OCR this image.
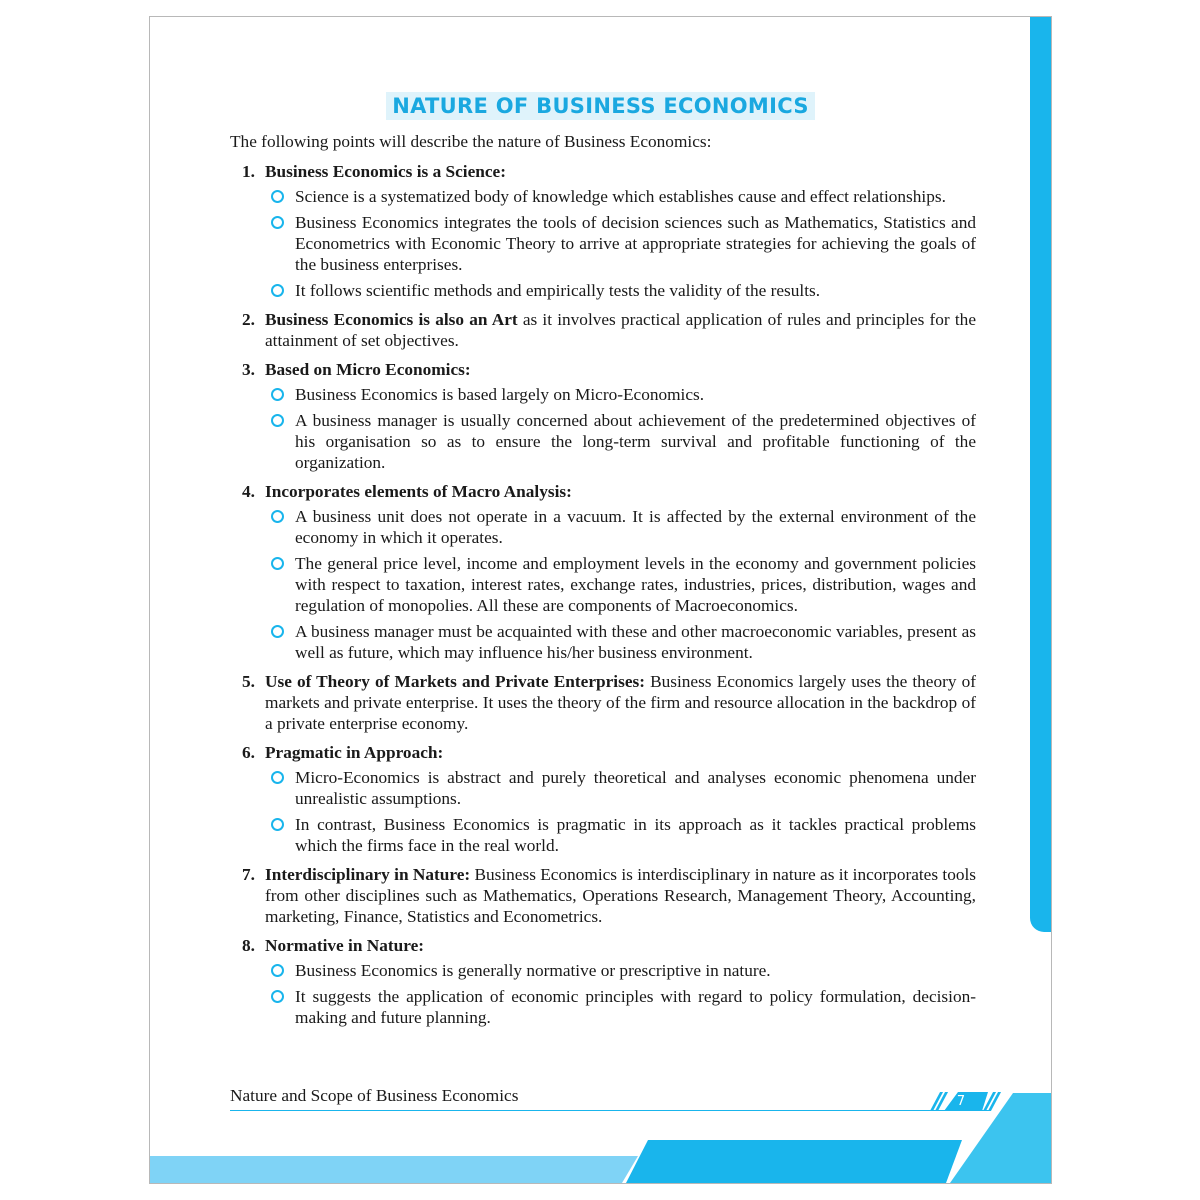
NATURE OF BUSINESS ECONOMICS

The following points will describe the nature of Business Economics:

1. Business Economics is a Science:
Science is a systematized body of knowledge which establishes cause and effect relationships.
Business Economics integrates the tools of decision sciences such as Mathematics, Statistics and Econometrics with Economic Theory to arrive at appropriate strategies for achieving the goals of the business enterprises.
It follows scientific methods and empirically tests the validity of the results.
2. Business Economics is also an Art as it involves practical application of rules and principles for the attainment of set objectives.
3. Based on Micro Economics:
Business Economics is based largely on Micro-Economics.
A business manager is usually concerned about achievement of the predetermined objectives of his organisation so as to ensure the long-term survival and profitable functioning of the organization.
4. Incorporates elements of Macro Analysis:
A business unit does not operate in a vacuum. It is affected by the external environment of the economy in which it operates.
The general price level, income and employment levels in the economy and government policies with respect to taxation, interest rates, exchange rates, industries, prices, distribution, wages and regulation of monopolies. All these are components of Macroeconomics.
A business manager must be acquainted with these and other macroeconomic variables, present as well as future, which may influence his/her business environment.
5. Use of Theory of Markets and Private Enterprises: Business Economics largely uses the theory of markets and private enterprise. It uses the theory of the firm and resource allocation in the backdrop of a private enterprise economy.
6. Pragmatic in Approach:
Micro-Economics is abstract and purely theoretical and analyses economic phenomena under unrealistic assumptions.
In contrast, Business Economics is pragmatic in its approach as it tackles practical problems which the firms face in the real world.
7. Interdisciplinary in Nature: Business Economics is interdisciplinary in nature as it incorporates tools from other disciplines such as Mathematics, Operations Research, Management Theory, Accounting, marketing, Finance, Statistics and Econometrics.
8. Normative in Nature:
Business Economics is generally normative or prescriptive in nature.
It suggests the application of economic principles with regard to policy formulation, decision-making and future planning.
Nature and Scope of Business Economics	7
